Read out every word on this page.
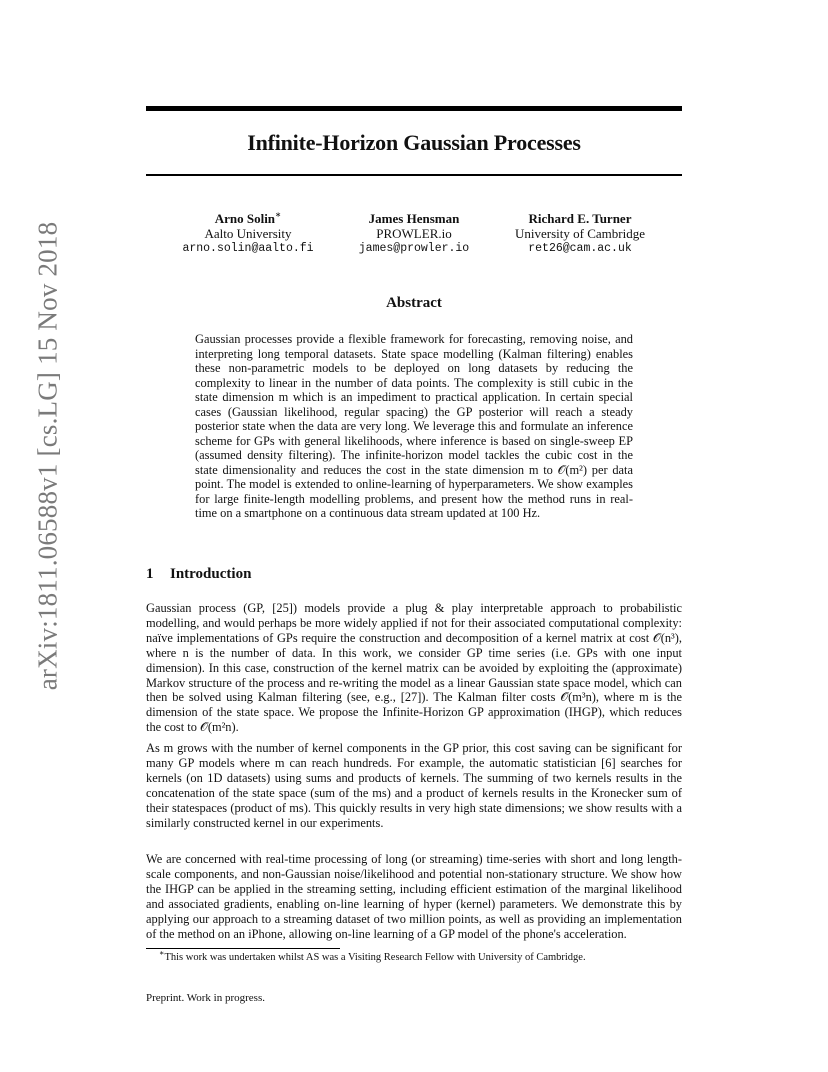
Infinite-Horizon Gaussian Processes
Arno Solin∗
Aalto University
arno.solin@aalto.fi
James Hensman
PROWLER.io
james@prowler.io
Richard E. Turner
University of Cambridge
ret26@cam.ac.uk
arXiv:1811.06588v1 [cs.LG] 15 Nov 2018	Abstract
Gaussian processes provide a flexible framework for forecasting, removing noise, and interpreting long temporal datasets. State space modelling (Kalman filtering) enables these non-parametric models to be deployed on long datasets by reducing the complexity to linear in the number of data points. The complexity is still cubic in the state dimension m which is an impediment to practical application. In certain special cases (Gaussian likelihood, regular spacing) the GP posterior will reach a steady posterior state when the data are very long. We leverage this and formulate an inference scheme for GPs with general likelihoods, where inference is based on single-sweep EP (assumed density filtering). The infinite-horizon model tackles the cubic cost in the state dimensionality and reduces the cost in the state dimension m to 𝒪(m²) per data point. The model is extended to online-learning of hyperparameters. We show examples for large finite-length modelling problems, and present how the method runs in real-time on a smartphone on a continuous data stream updated at 100 Hz.
1 Introduction
Gaussian process (GP, [25]) models provide a plug & play interpretable approach to probabilistic modelling, and would perhaps be more widely applied if not for their associated computational complexity: naïve implementations of GPs require the construction and decomposition of a kernel matrix at cost 𝒪(n³), where n is the number of data. In this work, we consider GP time series (i.e. GPs with one input dimension). In this case, construction of the kernel matrix can be avoided by exploiting the (approximate) Markov structure of the process and re-writing the model as a linear Gaussian state space model, which can then be solved using Kalman filtering (see, e.g., [27]). The Kalman filter costs 𝒪(m³n), where m is the dimension of the state space. We propose the Infinite-Horizon GP approximation (IHGP), which reduces the cost to 𝒪(m²n).
As m grows with the number of kernel components in the GP prior, this cost saving can be significant for many GP models where m can reach hundreds. For example, the automatic statistician [6] searches for kernels (on 1D datasets) using sums and products of kernels. The summing of two kernels results in the concatenation of the state space (sum of the ms) and a product of kernels results in the Kronecker sum of their statespaces (product of ms). This quickly results in very high state dimensions; we show results with a similarly constructed kernel in our experiments.
We are concerned with real-time processing of long (or streaming) time-series with short and long length-scale components, and non-Gaussian noise/likelihood and potential non-stationary structure. We show how the IHGP can be applied in the streaming setting, including efficient estimation of the marginal likelihood and associated gradients, enabling on-line learning of hyper (kernel) parameters. We demonstrate this by applying our approach to a streaming dataset of two million points, as well as providing an implementation of the method on an iPhone, allowing on-line learning of a GP model of the phone's acceleration.
∗This work was undertaken whilst AS was a Visiting Research Fellow with University of Cambridge.
Preprint. Work in progress.
